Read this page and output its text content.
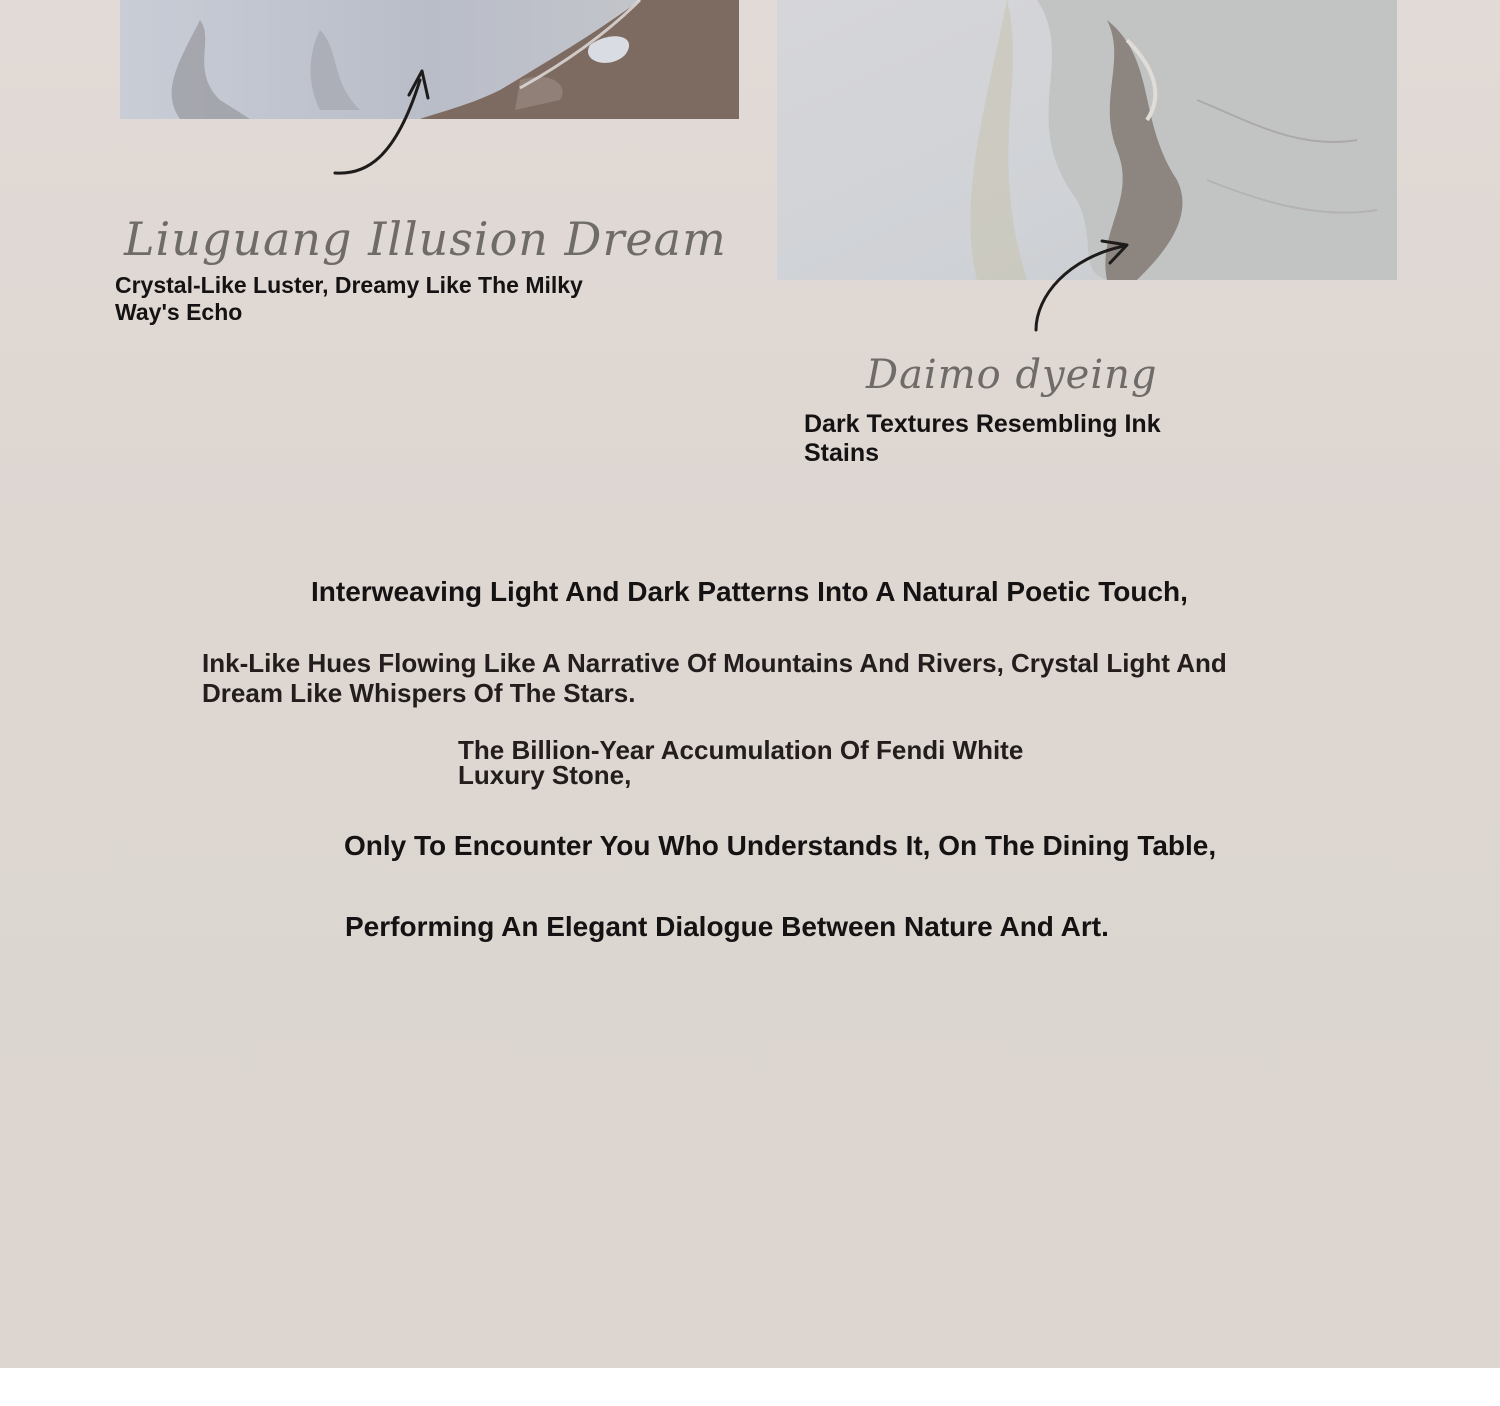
Liuguang Illusion Dream

Crystal-Like Luster, Dreamy Like The Milky Way's Echo

Daimo dyeing

Dark Textures Resembling Ink Stains

Interweaving Light And Dark Patterns Into A Natural Poetic Touch,

Ink-Like Hues Flowing Like A Narrative Of Mountains And Rivers, Crystal Light And Dream Like Whispers Of The Stars.

The Billion-Year Accumulation Of Fendi White Luxury Stone,

Only To Encounter You Who Understands It, On The Dining Table,

Performing An Elegant Dialogue Between Nature And Art.
